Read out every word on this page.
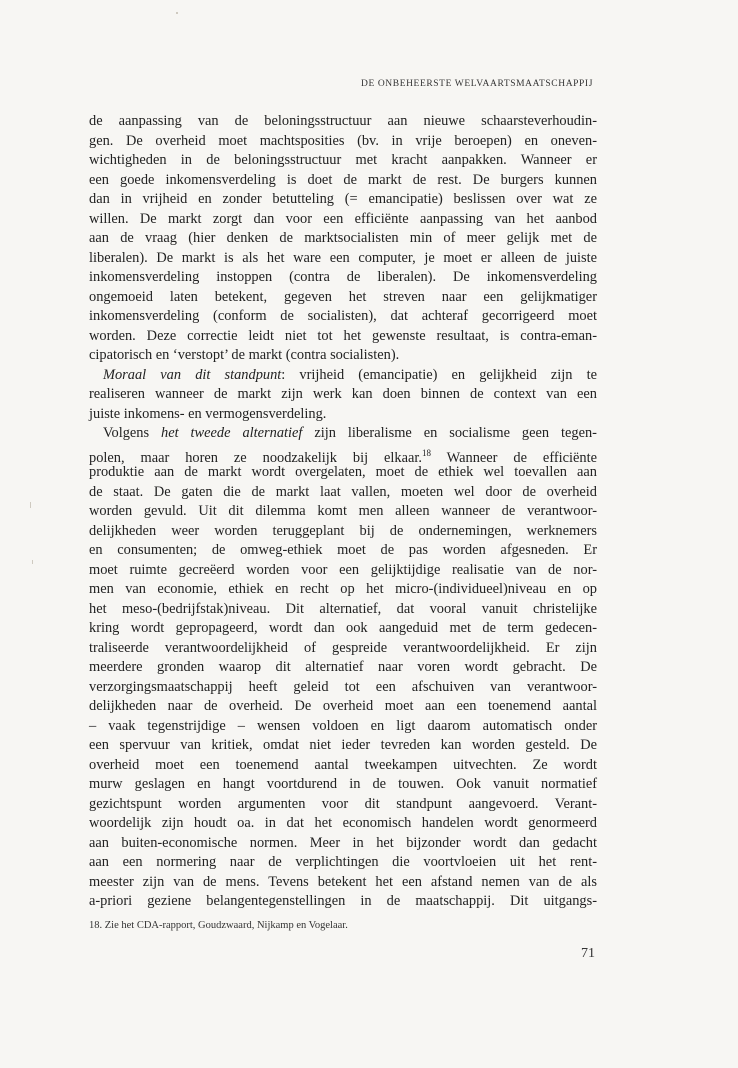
DE ONBEHEERSTE WELVAARTSMAATSCHAPPIJ
de aanpassing van de beloningsstructuur aan nieuwe schaarsteverhoudin-
gen. De overheid moet machtsposities (bv. in vrije beroepen) en oneven-
wichtigheden in de beloningsstructuur met kracht aanpakken. Wanneer er
een goede inkomensverdeling is doet de markt de rest. De burgers kunnen
dan in vrijheid en zonder betutteling (= emancipatie) beslissen over wat ze
willen. De markt zorgt dan voor een efficiënte aanpassing van het aanbod
aan de vraag (hier denken de marktsocialisten min of meer gelijk met de
liberalen). De markt is als het ware een computer, je moet er alleen de juiste
inkomensverdeling instoppen (contra de liberalen). De inkomensverdeling
ongemoeid laten betekent, gegeven het streven naar een gelijkmatiger
inkomensverdeling (conform de socialisten), dat achteraf gecorrigeerd moet
worden. Deze correctie leidt niet tot het gewenste resultaat, is contra-eman-
cipatorisch en ‘verstopt’ de markt (contra socialisten).
Moraal van dit standpunt: vrijheid (emancipatie) en gelijkheid zijn te
realiseren wanneer de markt zijn werk kan doen binnen de context van een
juiste inkomens- en vermogensverdeling.
Volgens het tweede alternatief zijn liberalisme en socialisme geen tegen-
polen, maar horen ze noodzakelijk bij elkaar.$^{18}$ Wanneer de efficiënte
produktie aan de markt wordt overgelaten, moet de ethiek wel toevallen aan
de staat. De gaten die de markt laat vallen, moeten wel door de overheid
worden gevuld. Uit dit dilemma komt men alleen wanneer de verantwoor-
delijkheden weer worden teruggeplant bij de ondernemingen, werknemers
en consumenten; de omweg-ethiek moet de pas worden afgesneden. Er
moet ruimte gecreëerd worden voor een gelijktijdige realisatie van de nor-
men van economie, ethiek en recht op het micro-(individueel)niveau en op
het meso-(bedrijfstak)niveau. Dit alternatief, dat vooral vanuit christelijke
kring wordt gepropageerd, wordt dan ook aangeduid met de term gedecen-
traliseerde verantwoordelijkheid of gespreide verantwoordelijkheid. Er zijn
meerdere gronden waarop dit alternatief naar voren wordt gebracht. De
verzorgingsmaatschappij heeft geleid tot een afschuiven van verantwoor-
delijkheden naar de overheid. De overheid moet aan een toenemend aantal
– vaak tegenstrijdige – wensen voldoen en ligt daarom automatisch onder
een spervuur van kritiek, omdat niet ieder tevreden kan worden gesteld. De
overheid moet een toenemend aantal tweekampen uitvechten. Ze wordt
murw geslagen en hangt voortdurend in de touwen. Ook vanuit normatief
gezichtspunt worden argumenten voor dit standpunt aangevoerd. Verant-
woordelijk zijn houdt oa. in dat het economisch handelen wordt genormeerd
aan buiten-economische normen. Meer in het bijzonder wordt dan gedacht
aan een normering naar de verplichtingen die voortvloeien uit het rent-
meester zijn van de mens. Tevens betekent het een afstand nemen van de als
a-priori geziene belangentegenstellingen in de maatschappij. Dit uitgangs-
18. Zie het CDA-rapport, Goudzwaard, Nijkamp en Vogelaar.
71
